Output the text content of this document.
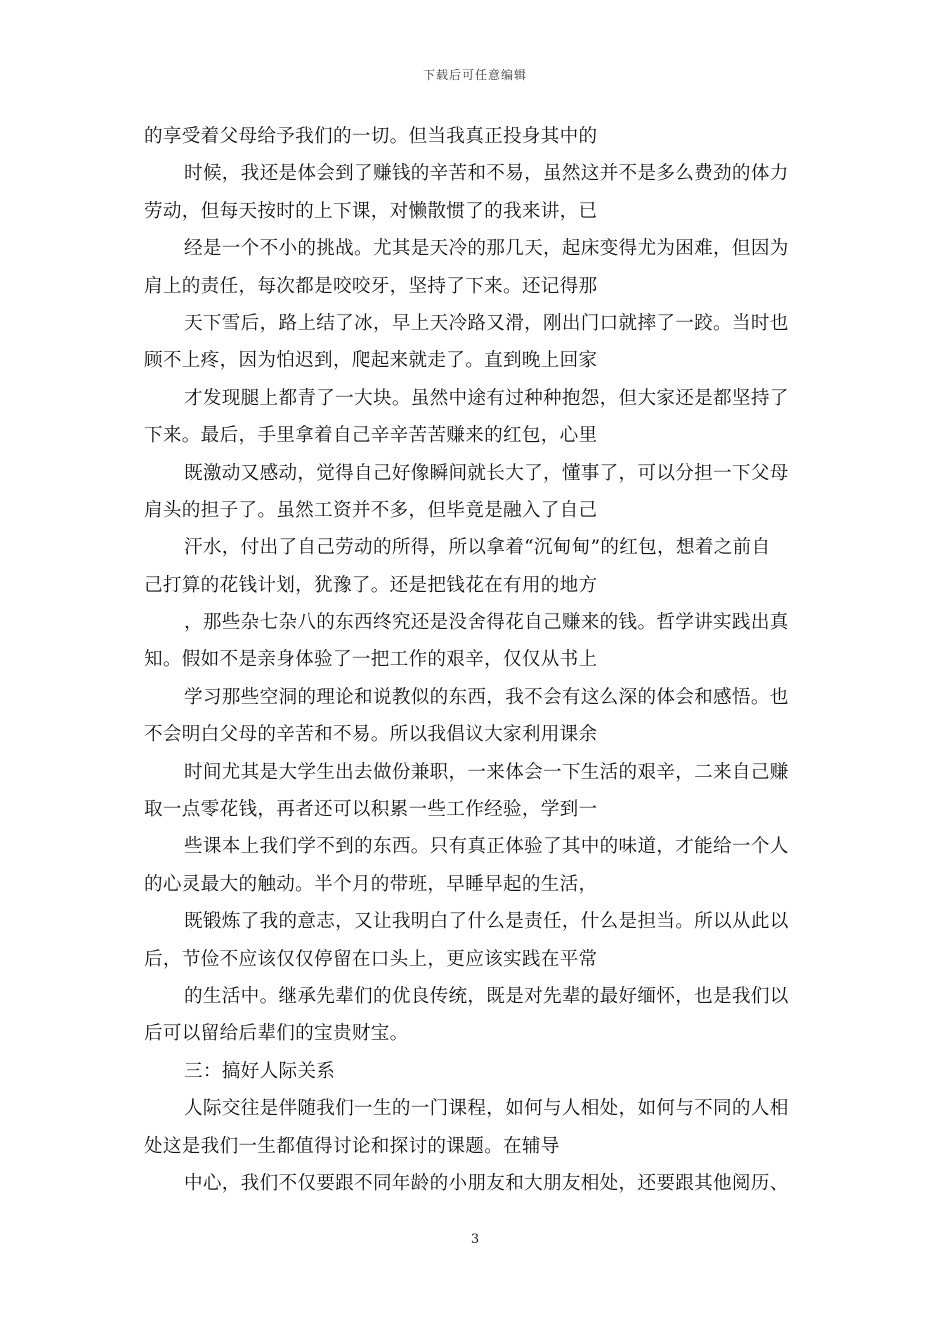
下载后可任意编辑
的享受着父母给予我们的一切。但当我真正投身其中的
时候，我还是体会到了赚钱的辛苦和不易，虽然这并不是多么费劲的体力
劳动，但每天按时的上下课，对懒散惯了的我来讲，已
经是一个不小的挑战。尤其是天冷的那几天，起床变得尤为困难，但因为
肩上的责任，每次都是咬咬牙，坚持了下来。还记得那
天下雪后，路上结了冰，早上天冷路又滑，刚出门口就摔了一跤。当时也
顾不上疼，因为怕迟到，爬起来就走了。直到晚上回家
才发现腿上都青了一大块。虽然中途有过种种抱怨，但大家还是都坚持了
下来。最后，手里拿着自己辛辛苦苦赚来的红包，心里
既激动又感动，觉得自己好像瞬间就长大了，懂事了，可以分担一下父母
肩头的担子了。虽然工资并不多，但毕竟是融入了自己
汗水，付出了自己劳动的所得，所以拿着“沉甸甸”的红包，想着之前自
己打算的花钱计划，犹豫了。还是把钱花在有用的地方
，那些杂七杂八的东西终究还是没舍得花自己赚来的钱。哲学讲实践出真
知。假如不是亲身体验了一把工作的艰辛，仅仅从书上
学习那些空洞的理论和说教似的东西，我不会有这么深的体会和感悟。也
不会明白父母的辛苦和不易。所以我倡议大家利用课余
时间尤其是大学生出去做份兼职，一来体会一下生活的艰辛，二来自己赚
取一点零花钱，再者还可以积累一些工作经验，学到一
些课本上我们学不到的东西。只有真正体验了其中的味道，才能给一个人
的心灵最大的触动。半个月的带班，早睡早起的生活，
既锻炼了我的意志，又让我明白了什么是责任，什么是担当。所以从此以
后，节俭不应该仅仅停留在口头上，更应该实践在平常
的生活中。继承先辈们的优良传统，既是对先辈的最好缅怀，也是我们以
后可以留给后辈们的宝贵财宝。
三：搞好人际关系
人际交往是伴随我们一生的一门课程，如何与人相处，如何与不同的人相
处这是我们一生都值得讨论和探讨的课题。在辅导
中心，我们不仅要跟不同年龄的小朋友和大朋友相处，还要跟其他阅历、
3
